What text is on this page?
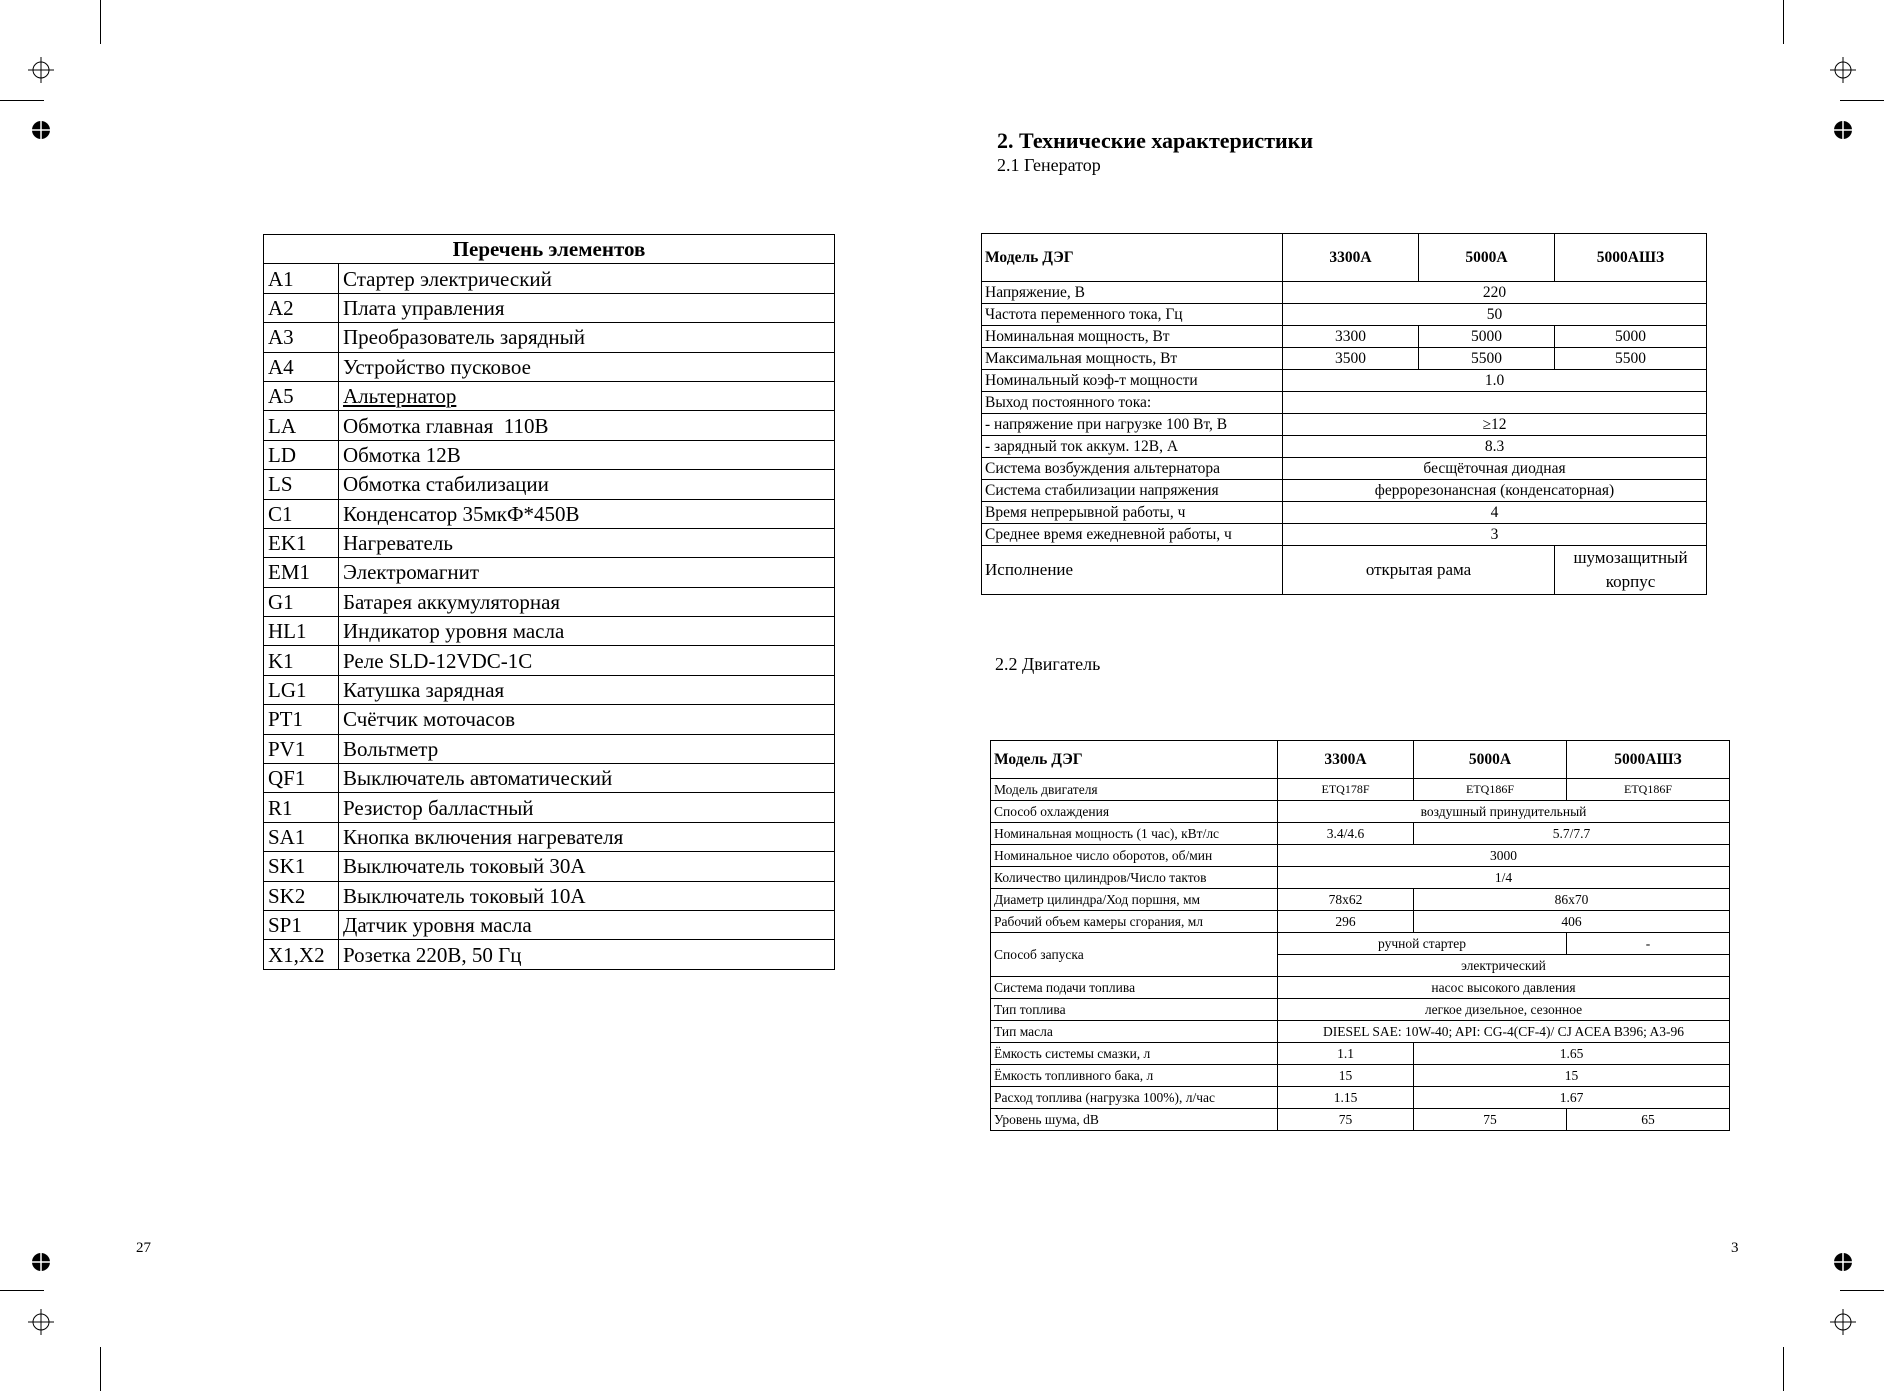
27	3
Перечень элементов	
A1	Стартер электрический
A2	Плата управления
A3	Преобразователь зарядный
A4	Устройство пусковое
A5	Альтернатор
LA	Обмотка главная  110В
LD	Обмотка 12В
LS	Обмотка стабилизации
C1	Конденсатор 35мкФ*450В
EK1	Нагреватель
EM1	Электромагнит
G1	Батарея аккумуляторная
HL1	Индикатор уровня масла
K1	Реле SLD-12VDC-1C
LG1	Катушка зарядная
PT1	Счётчик моточасов
PV1	Вольтметр
QF1	Выключатель автоматический
R1	Резистор балластный
SA1	Кнопка включения нагревателя
SK1	Выключатель токовый 30А
SK2	Выключатель токовый 10А
SP1	Датчик уровня масла
X1,X2	Розетка 220В, 50 Гц
2. Технические характеристики
2.1 Генератор
2.2 Двигатель
Модель ДЭГ	3300А	5000А	5000АШЗ
Напряжение, В	220		
Частота переменного тока, Гц	50		
Номинальная мощность, Вт	3300	5000	5000
Максимальная мощность, Вт	3500	5500	5500
Номинальный коэф-т мощности	1.0		
Выход постоянного тока:			
- напряжение при нагрузке 100 Вт, В	≥12		
- зарядный ток аккум. 12В, А	8.3		
Система возбуждения альтернатора	бесщёточная диодная		
Система стабилизации напряжения	феррорезонансная (конденсаторная)		
Время непрерывной работы, ч	4		
Среднее время ежедневной работы, ч	3		
Исполнение	открытая рама		шумозащитный корпус
Модель ДЭГ	3300А	5000А	5000АШЗ
Модель двигателя	ETQ178F	ETQ186F	ETQ186F
Способ охлаждения	воздушный принудительный		
Номинальная мощность (1 час), кВт/лс	3.4/4.6	5.7/7.7	
Номинальное число оборотов, об/мин	3000		
Количество цилиндров/Число тактов	1/4		
Диаметр цилиндра/Ход поршня, мм	78х62	86х70	
Рабочий объем камеры сгорания, мл	296	406	
Способ запуска	ручной стартер		-
	электрический		
Система подачи топлива	насос высокого давления		
Тип топлива	легкое дизельное, сезонное		
Тип масла	DIESEL SAE: 10W-40; API: CG-4(CF-4)/ CJ ACEA B396; A3-96		
Ёмкость системы смазки, л	1.1	1.65	
Ёмкость топливного бака, л	15	15	
Расход топлива (нагрузка 100%), л/час	1.15	1.67	
Уровень шума, dB	75	75	65
